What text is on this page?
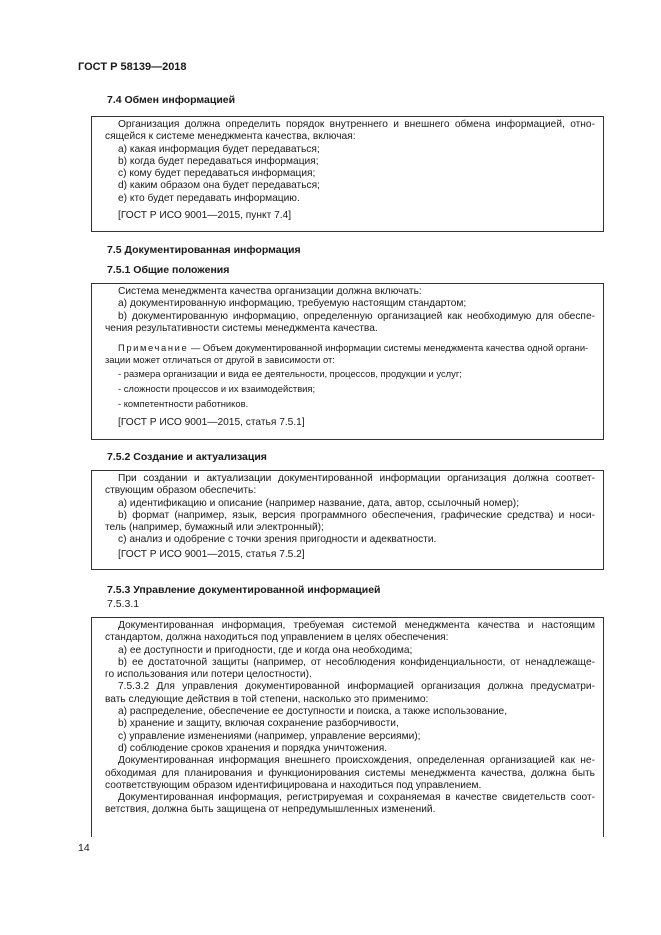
ГОСТ Р 58139—2018
7.4 Обмен информацией
Организация должна определить порядок внутреннего и внешнего обмена информацией, отно-
сящейся к системе менеджмента качества, включая:
a) какая информация будет передаваться;
b) когда будет передаваться информация;
c) кому будет передаваться информация;
d) каким образом она будет передаваться;
e) кто будет передавать информацию.
[ГОСТ Р ИСО 9001—2015, пункт 7.4]
7.5 Документированная информация
7.5.1 Общие положения
Система менеджмента качества организации должна включать:
a) документированную информацию, требуемую настоящим стандартом;
b) документированную информацию, определенную организацией как необходимую для обеспе-
чения результативности системы менеджмента качества.
Примечание — Объем документированной информации системы менеджмента качества одной органи-
зации может отличаться от другой в зависимости от:
- размера организации и вида ее деятельности, процессов, продукции и услуг;
- сложности процессов и их взаимодействия;
- компетентности работников.
[ГОСТ Р ИСО 9001—2015, статья 7.5.1]
7.5.2 Создание и актуализация
При создании и актуализации документированной информации организация должна соответ-
ствующим образом обеспечить:
a) идентификацию и описание (например название, дата, автор, ссылочный номер);
b) формат (например, язык, версия программного обеспечения, графические средства) и носи-
тель (например, бумажный или электронный);
c) анализ и одобрение с точки зрения пригодности и адекватности.
[ГОСТ Р ИСО 9001—2015, статья 7.5.2]
7.5.3 Управление документированной информацией
7.5.3.1
Документированная информация, требуемая системой менеджмента качества и настоящим
стандартом, должна находиться под управлением в целях обеспечения:
a) ее доступности и пригодности, где и когда она необходима;
b) ее достаточной защиты (например, от несоблюдения конфиденциальности, от ненадлежаще-
го использования или потери целостности).
7.5.3.2 Для управления документированной информацией организация должна предусматри-
вать следующие действия в той степени, насколько это применимо:
a) распределение, обеспечение ее доступности и поиска, а также использование,
b) хранение и защиту, включая сохранение разборчивости,
c) управление изменениями (например, управление версиями);
d) соблюдение сроков хранения и порядка уничтожения.
Документированная информация внешнего происхождения, определенная организацией как не-
обходимая для планирования и функционирования системы менеджмента качества, должна быть
соответствующим образом идентифицирована и находиться под управлением.
Документированная информация, регистрируемая и сохраняемая в качестве свидетельств соот-
ветствия, должна быть защищена от непредумышленных изменений.
14
